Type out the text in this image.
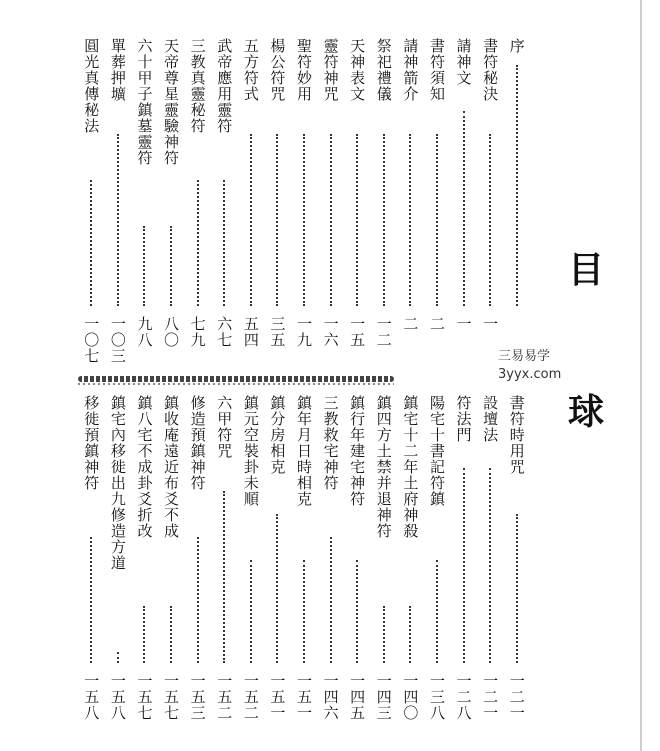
目
球
三易易学
3yyx.com
序
書符秘決
一
請神文
一
書符須知
二
請神箭介
二
祭祀禮儀
一二
天神表文
一五
靈符神咒
一六
聖符妙用
一九
楊公符咒
三五
五方符式
五四
武帝應用靈符
六七
三教真靈秘符
七九
天帝尊星靈驗神符
八〇
六十甲子鎮墓靈符
九八
單葬押壙
一〇三
圓光真傳秘法
一〇七
書符時用咒
一二一
設壇法
一二一
符法門
一二八
陽宅十書記符鎮
一三八
鎮宅十二年土府神殺
一四〇
鎮四方土禁并退神符
一四三
鎮行年建宅神符
一四五
三教救宅神符
一四六
鎮年月日時相克
一五一
鎮分房相克
一五一
鎮元空裝卦未順
一五二
六甲符咒
一五二
修造預鎮神符
一五三
鎮收庵遠近布爻不成
一五七
鎮八宅不成卦爻折改
一五七
鎮宅內移徙出九修造方道
一五八
移徙預鎮神符
一五八
